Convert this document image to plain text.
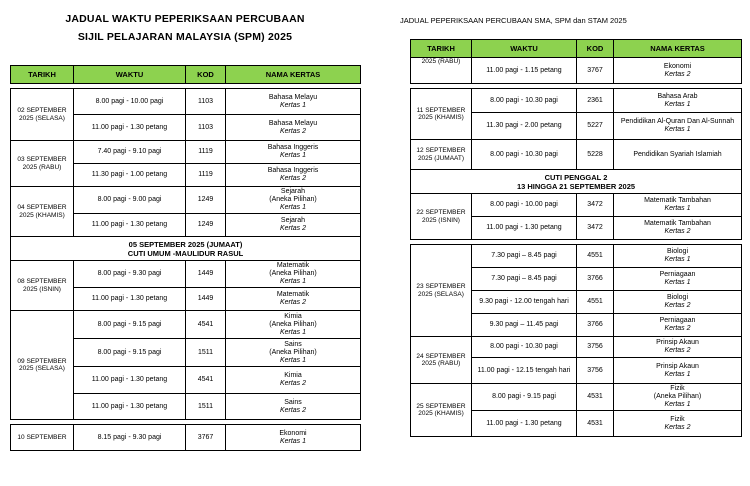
JADUAL WAKTU PEPERIKSAAN PERCUBAAN
SIJIL PELAJARAN MALAYSIA (SPM) 2025
JADUAL PEPERIKSAAN PERCUBAAN SMA, SPM dan STAM 2025
TARIKH	WAKTU	KOD	NAMA KERTAS

02 SEPTEMBER 2025 (SELASA)	8.00 pagi - 10.00 pagi	1103	Bahasa Melayu
Kertas 1

	11.00 pagi - 1.30 petang	1103	Bahasa Melayu
Kertas 2

03 SEPTEMBER 2025 (RABU)	7.40 pagi - 9.10 pagi	1119	Bahasa Inggeris
Kertas 1

	11.30 pagi - 1.00 petang	1119	Bahasa Inggeris
Kertas 2

04 SEPTEMBER 2025 (KHAMIS)	8.00 pagi - 9.00 pagi	1249	Sejarah
(Aneka Pilihan)
Kertas 1

	11.00 pagi - 1.30 petang	1249	Sejarah
Kertas 2

05 SEPTEMBER 2025 (JUMAAT)
CUTI UMUM -MAULIDUR RASUL			

08 SEPTEMBER 2025 (ISNIN)	8.00 pagi - 9.30 pagi	1449	Matematik
(Aneka Pilihan)
Kertas 1

	11.00 pagi - 1.30 petang	1449	Matematik
Kertas 2

09 SEPTEMBER 2025 (SELASA)	8.00 pagi - 9.15 pagi	4541	Kimia
(Aneka Pilihan)
Kertas 1

	8.00 pagi - 9.15 pagi	1511	Sains
(Aneka Pilihan)
Kertas 1

	11.00 pagi - 1.30 petang	4541	Kimia
Kertas 2

	11.00 pagi - 1.30 petang	1511	Sains
Kertas 2

10 SEPTEMBER	8.15 pagi - 9.30 pagi	3767	Ekonomi
Kertas 1
TARIKH	WAKTU	KOD	NAMA KERTAS
2025 (RABU)	11.00 pagi - 1.15 petang	3767	Ekonomi
Kertas 2

11 SEPTEMBER 2025 (KHAMIS)	8.00 pagi - 10.30 pagi	2361	Bahasa Arab
Kertas 1

	11.30 pagi - 2.00 petang	5227	Pendidikan Al-Quran Dan Al-Sunnah
Kertas 1

12 SEPTEMBER 2025 (JUMAAT)	8.00 pagi - 10.30 pagi	5228	Pendidikan Syariah Islamiah

CUTI PENGGAL 2
13 HINGGA 21 SEPTEMBER 2025			

22 SEPTEMBER 2025 (ISNIN)	8.00 pagi - 10.00 pagi	3472	Matematik Tambahan
Kertas 1

	11.00 pagi - 1.30 petang	3472	Matematik Tambahan
Kertas 2

23 SEPTEMBER 2025 (SELASA)	7.30 pagi – 8.45 pagi	4551	Biologi
Kertas 1

	7.30 pagi – 8.45 pagi	3766	Perniagaan
Kertas 1

	9.30 pagi - 12.00 tengah hari	4551	Biologi
Kertas 2

	9.30 pagi – 11.45 pagi	3766	Perniagaan
Kertas 2

24 SEPTEMBER 2025 (RABU)	8.00 pagi - 10.30 pagi	3756	Prinsip Akaun
Kertas 2

	11.00 pagi - 12.15 tengah hari	3756	Prinsip Akaun
Kertas 1

25 SEPTEMBER 2025 (KHAMIS)	8.00 pagi - 9.15 pagi	4531	Fizik
(Aneka Pilihan)
Kertas 1

	11.00 pagi - 1.30 petang	4531	Fizik
Kertas 2
